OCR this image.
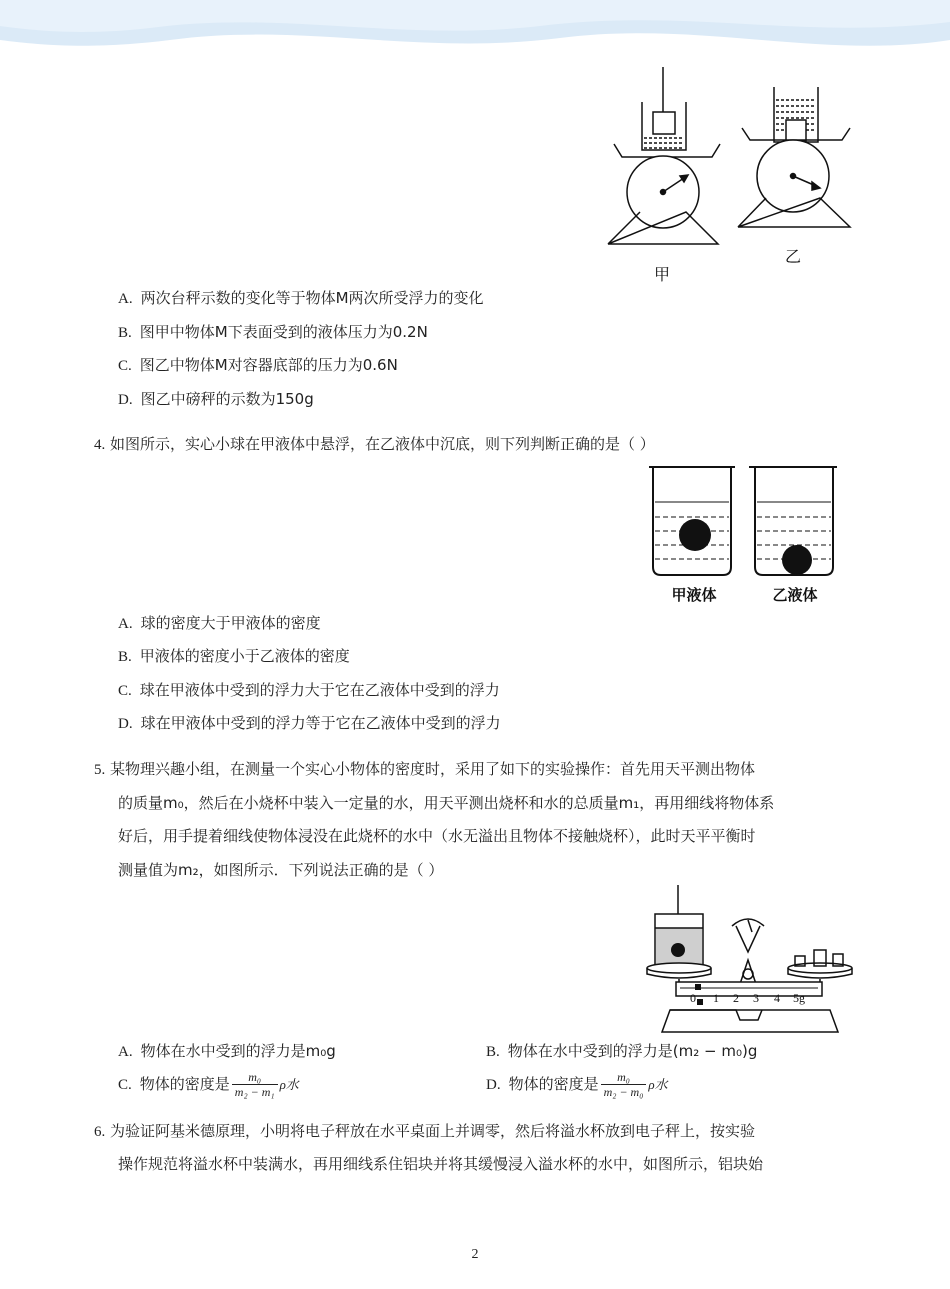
甲
乙
A. 两次台秤示数的变化等于物体M两次所受浮力的变化
B. 图甲中物体M下表面受到的液体压力为0.2N
C. 图乙中物体M对容器底部的压力为0.6N
D. 图乙中磅秤的示数为150g
4. 如图所示，实心小球在甲液体中悬浮，在乙液体中沉底，则下列判断正确的是（ ）
甲液体	乙液体
A. 球的密度大于甲液体的密度
B. 甲液体的密度小于乙液体的密度
C. 球在甲液体中受到的浮力大于它在乙液体中受到的浮力
D. 球在甲液体中受到的浮力等于它在乙液体中受到的浮力
5. 某物理兴趣小组，在测量一个实心小物体的密度时，采用了如下的实验操作：首先用天平测出物体
的质量m₀，然后在小烧杯中装入一定量的水，用天平测出烧杯和水的总质量m₁，再用细线将物体系
好后，用手提着细线使物体浸没在此烧杯的水中（水无溢出且物体不接触烧杯），此时天平平衡时
测量值为m₂，如图所示．下列说法正确的是（ ）
0 1 2 3 4 5g
A. 物体在水中受到的浮力是m₀g	B. 物体在水中受到的浮力是(m₂ − m₀)g
C. 物体的密度是 $\frac{\text{m₀}}{\text{m₂ − m₁}}$ ρ水	D. 物体的密度是 $\frac{\text{m₀}}{\text{m₂ − m₀}}$ ρ水
6. 为验证阿基米德原理，小明将电子秤放在水平桌面上并调零，然后将溢水杯放到电子秤上，按实验
操作规范将溢水杯中装满水，再用细线系住铝块并将其缓慢浸入溢水杯的水中，如图所示，铝块始
2
